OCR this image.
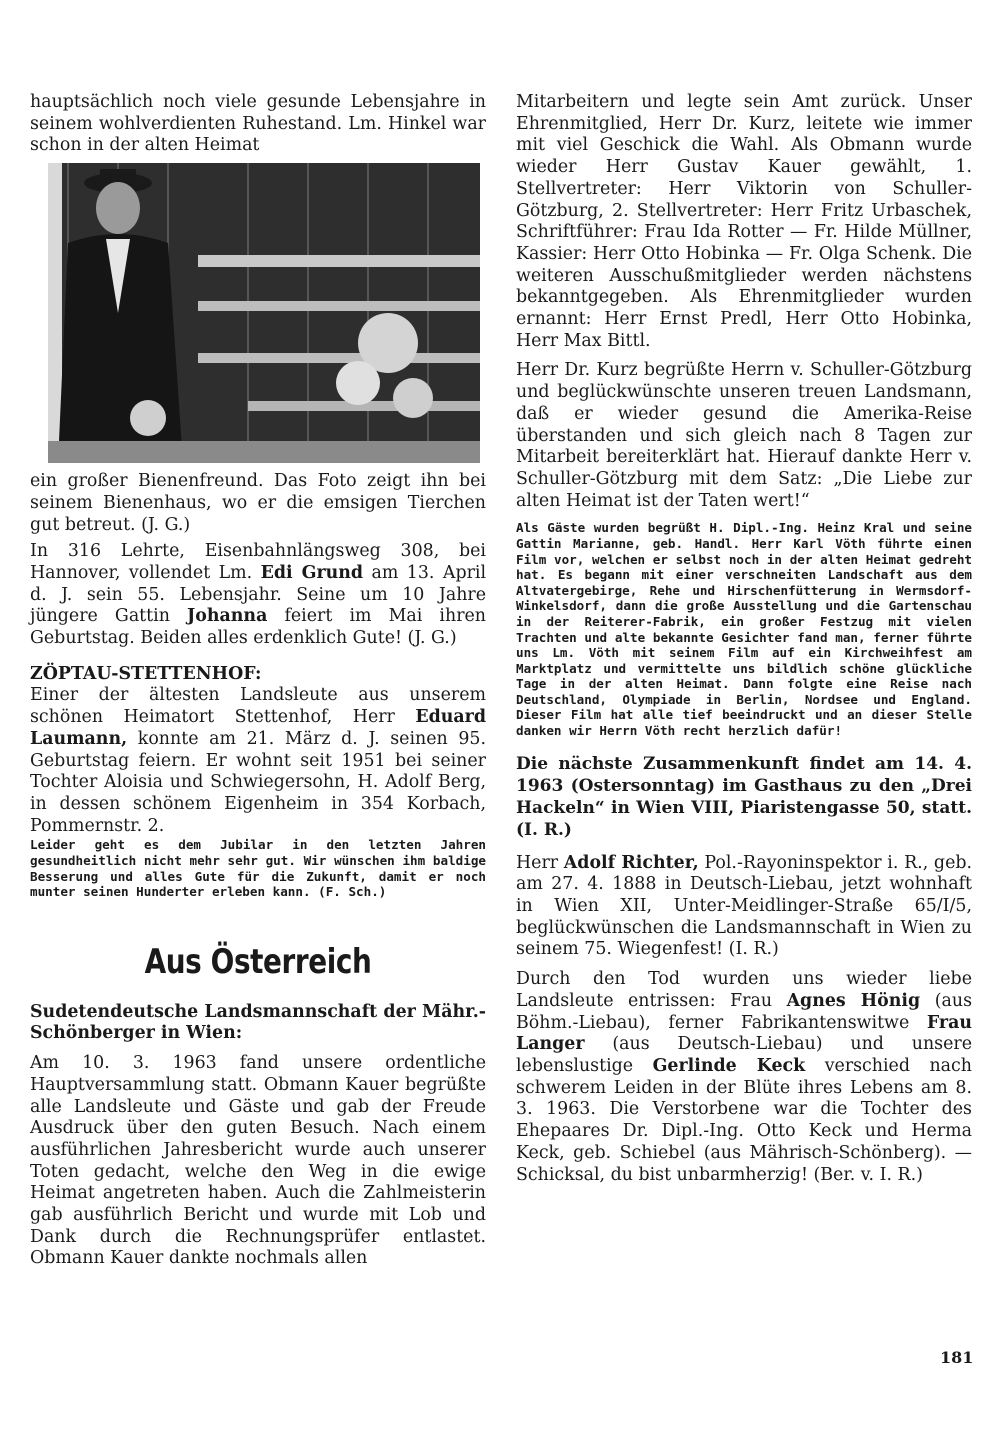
hauptsächlich noch viele gesunde Lebensjahre in seinem wohlverdienten Ruhestand. Lm. Hinkel war schon in der alten Heimat

ein großer Bienenfreund. Das Foto zeigt ihn bei seinem Bienenhaus, wo er die emsigen Tierchen gut betreut. (J. G.)

In 316 Lehrte, Eisenbahnlängsweg 308, bei Hannover, vollendet Lm. Edi Grund am 13. April d. J. sein 55. Lebensjahr. Seine um 10 Jahre jüngere Gattin Johanna feiert im Mai ihren Geburtstag. Beiden alles erdenklich Gute! (J. G.)

ZÖPTAU-STETTENHOF:

Einer der ältesten Landsleute aus unserem schönen Heimatort Stettenhof, Herr Eduard Laumann, konnte am 21. März d. J. seinen 95. Geburtstag feiern. Er wohnt seit 1951 bei seiner Tochter Aloisia und Schwiegersohn, H. Adolf Berg, in dessen schönem Eigenheim in 354 Korbach, Pommernstr. 2.

Leider geht es dem Jubilar in den letzten Jahren gesundheitlich nicht mehr sehr gut. Wir wünschen ihm baldige Besserung und alles Gute für die Zukunft, damit er noch munter seinen Hunderter erleben kann. (F. Sch.)

Aus Österreich

Sudetendeutsche Landsmannschaft der Mähr.-Schönberger in Wien:

Am 10. 3. 1963 fand unsere ordentliche Hauptversammlung statt. Obmann Kauer begrüßte alle Landsleute und Gäste und gab der Freude Ausdruck über den guten Besuch. Nach einem ausführlichen Jahresbericht wurde auch unserer Toten gedacht, welche den Weg in die ewige Heimat angetreten haben. Auch die Zahlmeisterin gab ausführlich Bericht und wurde mit Lob und Dank durch die Rechnungsprüfer entlastet. Obmann Kauer dankte nochmals allen

Mitarbeitern und legte sein Amt zurück. Unser Ehrenmitglied, Herr Dr. Kurz, leitete wie immer mit viel Geschick die Wahl. Als Obmann wurde wieder Herr Gustav Kauer gewählt, 1. Stellvertreter: Herr Viktorin von Schuller-Götzburg, 2. Stellvertreter: Herr Fritz Urbaschek, Schriftführer: Frau Ida Rotter — Fr. Hilde Müllner, Kassier: Herr Otto Hobinka — Fr. Olga Schenk. Die weiteren Ausschußmitglieder werden nächstens bekanntgegeben. Als Ehrenmitglieder wurden ernannt: Herr Ernst Predl, Herr Otto Hobinka, Herr Max Bittl.

Herr Dr. Kurz begrüßte Herrn v. Schuller-Götzburg und beglückwünschte unseren treuen Landsmann, daß er wieder gesund die Amerika-Reise überstanden und sich gleich nach 8 Tagen zur Mitarbeit bereiterklärt hat. Hierauf dankte Herr v. Schuller-Götzburg mit dem Satz: „Die Liebe zur alten Heimat ist der Taten wert!“

Als Gäste wurden begrüßt H. Dipl.-Ing. Heinz Kral und seine Gattin Marianne, geb. Handl. Herr Karl Vöth führte einen Film vor, welchen er selbst noch in der alten Heimat gedreht hat. Es begann mit einer verschneiten Landschaft aus dem Altvatergebirge, Rehe und Hirschenfütterung in Wermsdorf-Winkelsdorf, dann die große Ausstellung und die Gartenschau in der Reiterer-Fabrik, ein großer Festzug mit vielen Trachten und alte bekannte Gesichter fand man, ferner führte uns Lm. Vöth mit seinem Film auf ein Kirchweihfest am Marktplatz und vermittelte uns bildlich schöne glückliche Tage in der alten Heimat. Dann folgte eine Reise nach Deutschland, Olympiade in Berlin, Nordsee und England. Dieser Film hat alle tief beeindruckt und an dieser Stelle danken wir Herrn Vöth recht herzlich dafür!

Die nächste Zusammenkunft findet am 14. 4. 1963 (Ostersonntag) im Gasthaus zu den „Drei Hackeln“ in Wien VIII, Piaristengasse 50, statt. (I. R.)

Herr Adolf Richter, Pol.-Rayoninspektor i. R., geb. am 27. 4. 1888 in Deutsch-Liebau, jetzt wohnhaft in Wien XII, Unter-Meidlinger-Straße 65/I/5, beglückwünschen die Landsmannschaft in Wien zu seinem 75. Wiegenfest! (I. R.)

Durch den Tod wurden uns wieder liebe Landsleute entrissen: Frau Agnes Hönig (aus Böhm.-Liebau), ferner Fabrikantenswitwe Frau Langer (aus Deutsch-Liebau) und unsere lebenslustige Gerlinde Keck verschied nach schwerem Leiden in der Blüte ihres Lebens am 8. 3. 1963. Die Verstorbene war die Tochter des Ehepaares Dr. Dipl.-Ing. Otto Keck und Herma Keck, geb. Schiebel (aus Mährisch-Schönberg). — Schicksal, du bist unbarmherzig! (Ber. v. I. R.)

181
